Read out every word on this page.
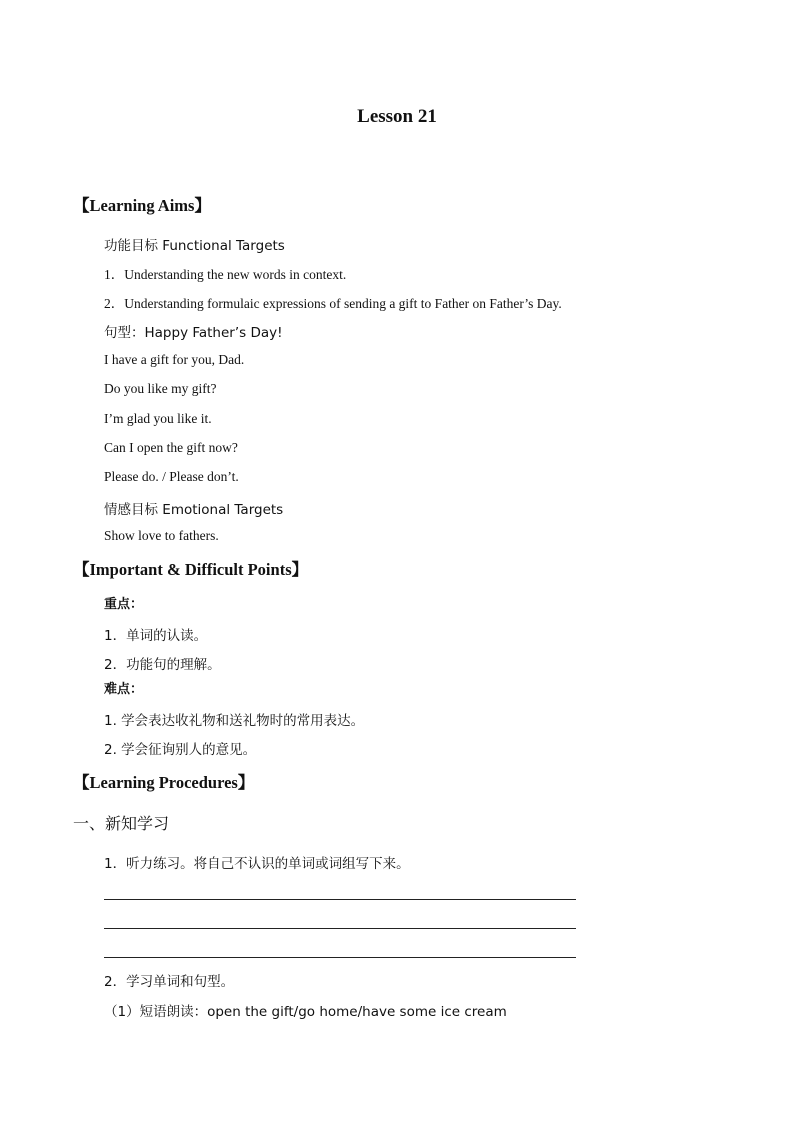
Lesson 21
【Learning Aims】
功能目标 Functional Targets
1．Understanding the new words in context.
2．Understanding formulaic expressions of sending a gift to Father on Father’s Day.
句型：Happy Father’s Day!
I have a gift for you, Dad.
Do you like my gift?
I’m glad you like it.
Can I open the gift now?
Please do. / Please don’t.
情感目标 Emotional Targets
Show love to fathers.
【Important & Difficult Points】
重点：
1．单词的认读。
2．功能句的理解。
难点：
1. 学会表达收礼物和送礼物时的常用表达。
2. 学会征询别人的意见。
【Learning Procedures】
一、新知学习
1．听力练习。将自己不认识的单词或词组写下来。
2．学习单词和句型。
（1）短语朗读：open the gift/go home/have some ice cream
